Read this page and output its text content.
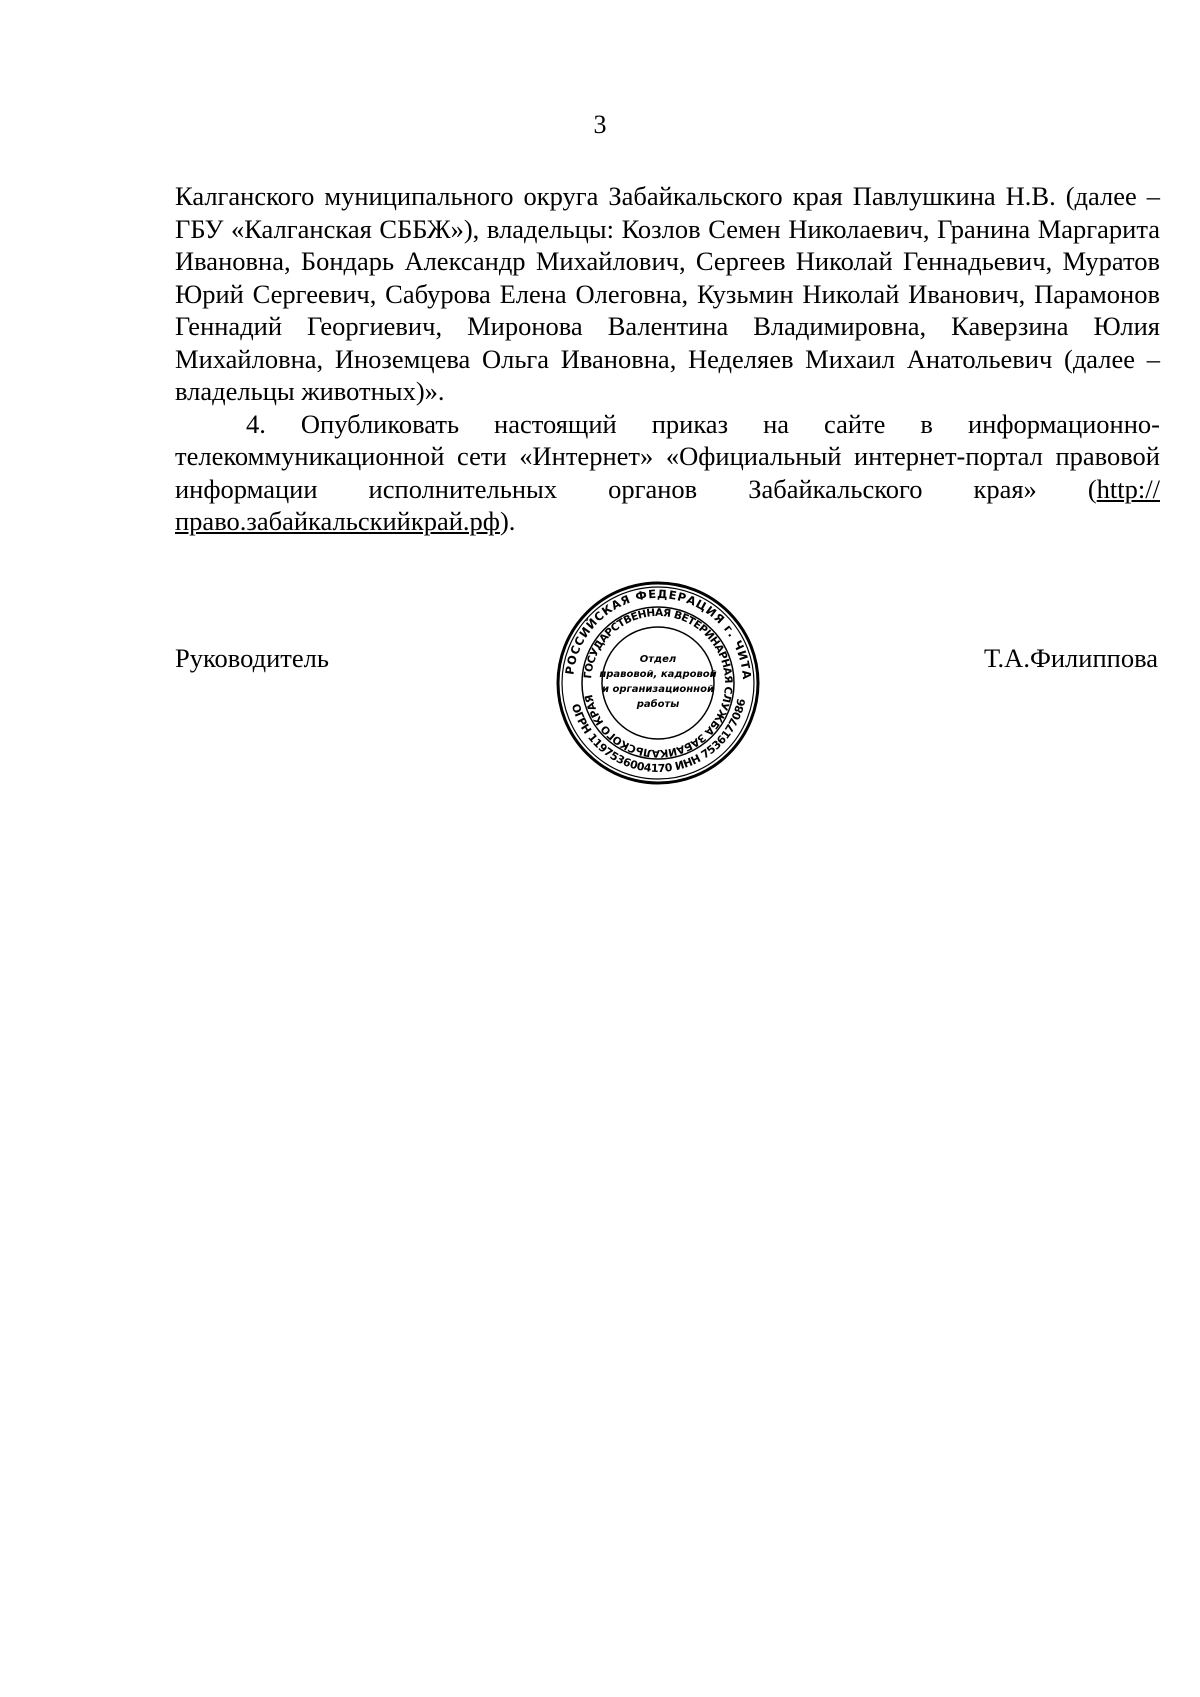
3

Калганского муниципального округа Забайкальского края Павлушкина Н.В. (далее – ГБУ «Калганская СББЖ»), владельцы: Козлов Семен Николаевич, Гранина Маргарита Ивановна, Бондарь Александр Михайлович, Сергеев Николай Геннадьевич, Муратов Юрий Сергеевич, Сабурова Елена Олеговна, Кузьмин Николай Иванович, Парамонов Геннадий Георгиевич, Миронова Валентина Владимировна, Каверзина Юлия Михайловна, Иноземцева Ольга Ивановна, Неделяев Михаил Анатольевич (далее – владельцы животных)».

4. Опубликовать настоящий приказ на сайте в информационно-телекоммуникационной сети «Интернет» «Официальный интернет-портал правовой информации исполнительных органов Забайкальского края» (http://право.забайкальскийкрай.рф).

Руководитель	Т.А.Филиппова
РОССИЙСКАЯ ФЕДЕРАЦИЯ г. ЧИТА
ОГРН 1197536004170 ИНН 7536177086
ГОСУДАРСТВЕННАЯ ВЕТЕРИНАРНАЯ СЛУЖБА ЗАБАЙКАЛЬСКОГО КРАЯ
Отдел
правовой, кадровой
и организационной
работы
